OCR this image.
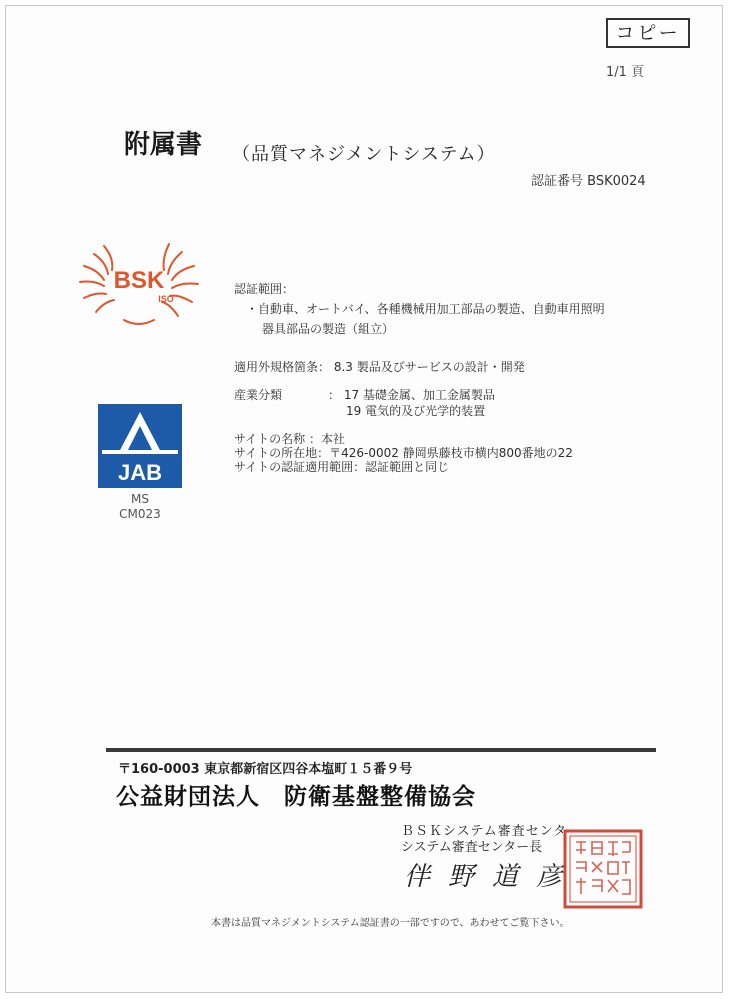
コピー
1/1 頁
附属書 （品質マネジメントシステム）
認証番号 BSK0024
BSK
ISO
JAB
MS
CM023
認証範囲：
・自動車、オートバイ、各種機械用加工部品の製造、自動車用照明
器具部品の製造（組立）
適用外規格箇条： 8.3 製品及びサービスの設計・開発
産業分類	： 17 基礎金属、加工金属製品
19 電気的及び光学的装置
サイトの名称 ：本社
サイトの所在地：〒426-0002 静岡県藤枝市横内800番地の22
サイトの認証適用範囲：認証範囲と同じ
〒160-0003 東京都新宿区四谷本塩町１５番９号
公益財団法人　防衛基盤整備協会
ＢＳＫシステム審査センター
システム審査センター長
伴野道彦
本書は品質マネジメントシステム認証書の一部ですので、あわせてご覧下さい。
